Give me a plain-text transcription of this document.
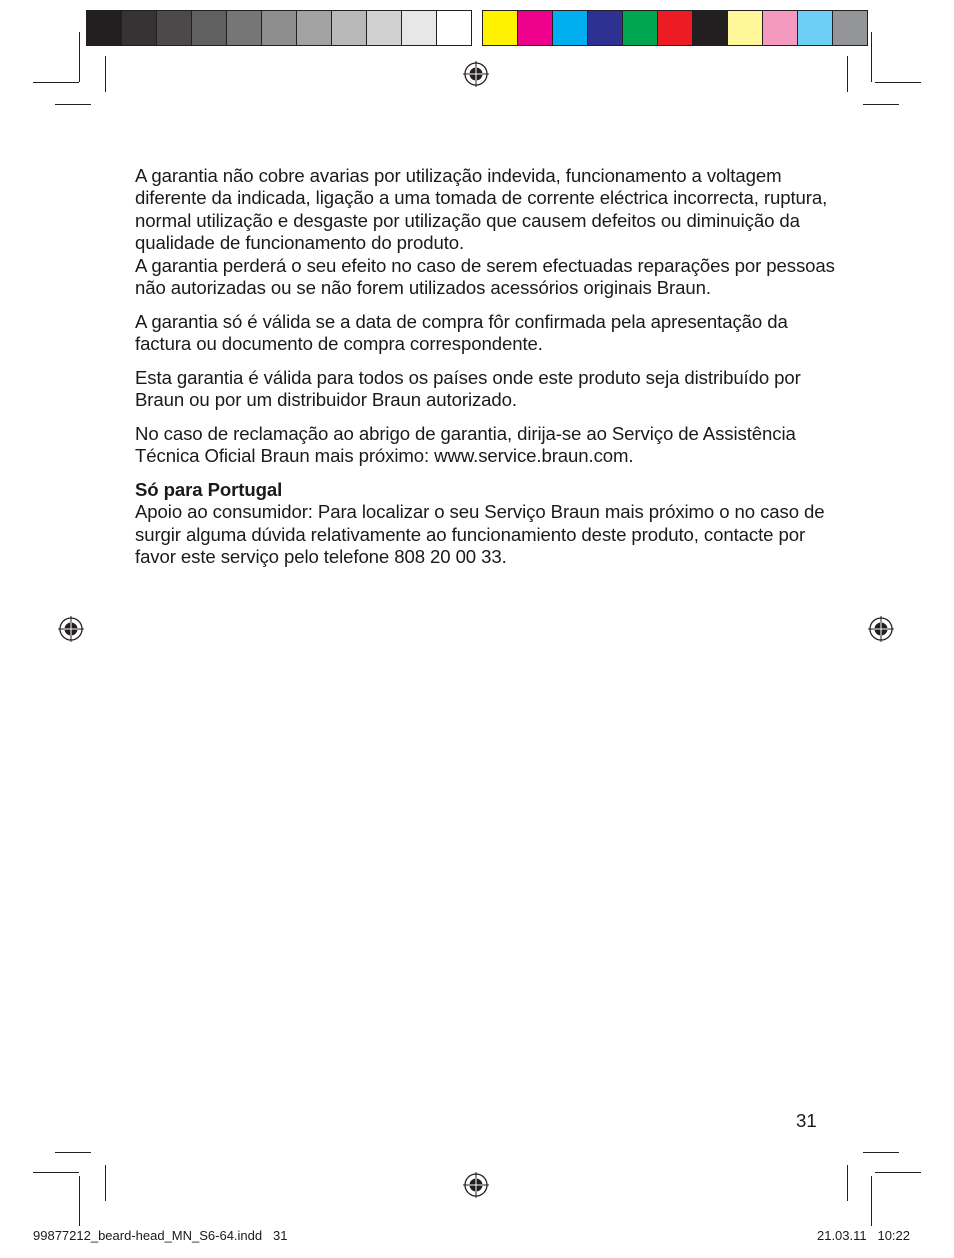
A garantia não cobre avarias por utilização indevida, funcionamento a voltagem diferente da indicada, ligação a uma tomada de corrente eléctrica incorrecta, ruptura, normal utilização e desgaste por utilização que causem defeitos ou diminuição da qualidade de funcionamento do produto.
A garantia perderá o seu efeito no caso de serem efectuadas reparações por pessoas não autorizadas ou se não forem utilizados acessórios originais Braun.

A garantia só é válida se a data de compra fôr confirmada pela apresentação da factura ou documento de compra correspondente.

Esta garantia é válida para todos os países onde este produto seja distribuído por Braun ou por um distribuidor Braun autorizado.

No caso de reclamação ao abrigo de garantia, dirija-se ao Serviço de Assistência Técnica Oficial Braun mais próximo: www.service.braun.com.

Só para Portugal
Apoio ao consumidor: Para localizar o seu Serviço Braun mais próximo o no caso de surgir alguma dúvida relativamente ao funcionamiento deste produto, contacte por favor este serviço pelo telefone 808 20 00 33.

31
99877212_beard-head_MN_S6-64.indd   31	21.03.11   10:22
